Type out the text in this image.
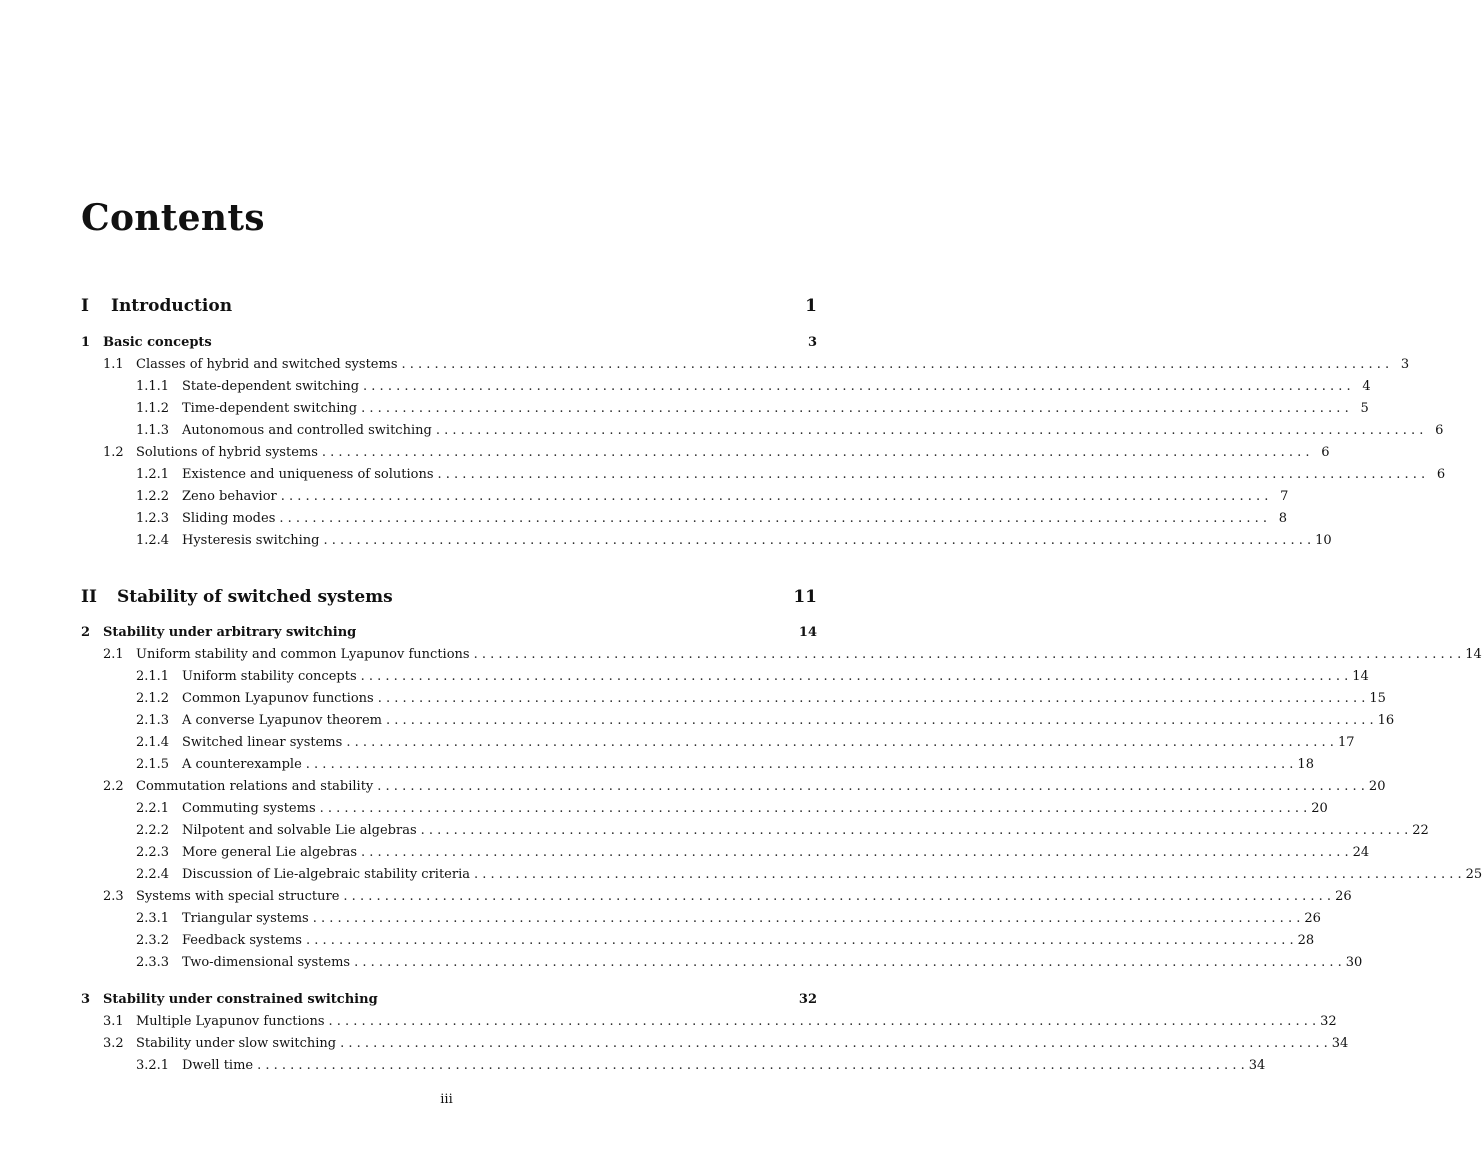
Contents
I	Introduction	1
1 Basic concepts	3
1.1 Classes of hybrid and switched systems . . . . . . . . . . . . . . . . . . . . . . . . . . . . . . . . . . . . . . . . . . . . . . . . . . . . . . . . . . . . . . . . . . . . . . . . . . . . . . . . . . . . . . . . . . . . . . . . . . . . . . . . . . . . . . . . . . . . . . . . 3
1.1.1 State-dependent switching . . . . . . . . . . . . . . . . . . . . . . . . . . . . . . . . . . . . . . . . . . . . . . . . . . . . . . . . . . . . . . . . . . . . . . . . . . . . . . . . . . . . . . . . . . . . . . . . . . . . . . . . . . . . . . . . . . . . . . . . 4
1.1.2 Time-dependent switching . . . . . . . . . . . . . . . . . . . . . . . . . . . . . . . . . . . . . . . . . . . . . . . . . . . . . . . . . . . . . . . . . . . . . . . . . . . . . . . . . . . . . . . . . . . . . . . . . . . . . . . . . . . . . . . . . . . . . . . . 5
1.1.3 Autonomous and controlled switching . . . . . . . . . . . . . . . . . . . . . . . . . . . . . . . . . . . . . . . . . . . . . . . . . . . . . . . . . . . . . . . . . . . . . . . . . . . . . . . . . . . . . . . . . . . . . . . . . . . . . . . . . . . . . . . . . . . . . . . . 6
1.2 Solutions of hybrid systems . . . . . . . . . . . . . . . . . . . . . . . . . . . . . . . . . . . . . . . . . . . . . . . . . . . . . . . . . . . . . . . . . . . . . . . . . . . . . . . . . . . . . . . . . . . . . . . . . . . . . . . . . . . . . . . . . . . . . . . . 6
1.2.1 Existence and uniqueness of solutions . . . . . . . . . . . . . . . . . . . . . . . . . . . . . . . . . . . . . . . . . . . . . . . . . . . . . . . . . . . . . . . . . . . . . . . . . . . . . . . . . . . . . . . . . . . . . . . . . . . . . . . . . . . . . . . . . . . . . . . . 6
1.2.2 Zeno behavior . . . . . . . . . . . . . . . . . . . . . . . . . . . . . . . . . . . . . . . . . . . . . . . . . . . . . . . . . . . . . . . . . . . . . . . . . . . . . . . . . . . . . . . . . . . . . . . . . . . . . . . . . . . . . . . . . . . . . . . . 7
1.2.3 Sliding modes . . . . . . . . . . . . . . . . . . . . . . . . . . . . . . . . . . . . . . . . . . . . . . . . . . . . . . . . . . . . . . . . . . . . . . . . . . . . . . . . . . . . . . . . . . . . . . . . . . . . . . . . . . . . . . . . . . . . . . . . 8
1.2.4 Hysteresis switching . . . . . . . . . . . . . . . . . . . . . . . . . . . . . . . . . . . . . . . . . . . . . . . . . . . . . . . . . . . . . . . . . . . . . . . . . . . . . . . . . . . . . . . . . . . . . . . . . . . . . . . . . . . . . . . . . . . . . . . . 10
II	Stability of switched systems	11
2 Stability under arbitrary switching	14
2.1 Uniform stability and common Lyapunov functions . . . . . . . . . . . . . . . . . . . . . . . . . . . . . . . . . . . . . . . . . . . . . . . . . . . . . . . . . . . . . . . . . . . . . . . . . . . . . . . . . . . . . . . . . . . . . . . . . . . . . . . . . . . . . . . . . . . . . . . . 14
2.1.1 Uniform stability concepts . . . . . . . . . . . . . . . . . . . . . . . . . . . . . . . . . . . . . . . . . . . . . . . . . . . . . . . . . . . . . . . . . . . . . . . . . . . . . . . . . . . . . . . . . . . . . . . . . . . . . . . . . . . . . . . . . . . . . . . . 14
2.1.2 Common Lyapunov functions . . . . . . . . . . . . . . . . . . . . . . . . . . . . . . . . . . . . . . . . . . . . . . . . . . . . . . . . . . . . . . . . . . . . . . . . . . . . . . . . . . . . . . . . . . . . . . . . . . . . . . . . . . . . . . . . . . . . . . . . 15
2.1.3 A converse Lyapunov theorem . . . . . . . . . . . . . . . . . . . . . . . . . . . . . . . . . . . . . . . . . . . . . . . . . . . . . . . . . . . . . . . . . . . . . . . . . . . . . . . . . . . . . . . . . . . . . . . . . . . . . . . . . . . . . . . . . . . . . . . . 16
2.1.4 Switched linear systems . . . . . . . . . . . . . . . . . . . . . . . . . . . . . . . . . . . . . . . . . . . . . . . . . . . . . . . . . . . . . . . . . . . . . . . . . . . . . . . . . . . . . . . . . . . . . . . . . . . . . . . . . . . . . . . . . . . . . . . . 17
2.1.5 A counterexample . . . . . . . . . . . . . . . . . . . . . . . . . . . . . . . . . . . . . . . . . . . . . . . . . . . . . . . . . . . . . . . . . . . . . . . . . . . . . . . . . . . . . . . . . . . . . . . . . . . . . . . . . . . . . . . . . . . . . . . . 18
2.2 Commutation relations and stability . . . . . . . . . . . . . . . . . . . . . . . . . . . . . . . . . . . . . . . . . . . . . . . . . . . . . . . . . . . . . . . . . . . . . . . . . . . . . . . . . . . . . . . . . . . . . . . . . . . . . . . . . . . . . . . . . . . . . . . . 20
2.2.1 Commuting systems . . . . . . . . . . . . . . . . . . . . . . . . . . . . . . . . . . . . . . . . . . . . . . . . . . . . . . . . . . . . . . . . . . . . . . . . . . . . . . . . . . . . . . . . . . . . . . . . . . . . . . . . . . . . . . . . . . . . . . . . 20
2.2.2 Nilpotent and solvable Lie algebras . . . . . . . . . . . . . . . . . . . . . . . . . . . . . . . . . . . . . . . . . . . . . . . . . . . . . . . . . . . . . . . . . . . . . . . . . . . . . . . . . . . . . . . . . . . . . . . . . . . . . . . . . . . . . . . . . . . . . . . . 22
2.2.3 More general Lie algebras . . . . . . . . . . . . . . . . . . . . . . . . . . . . . . . . . . . . . . . . . . . . . . . . . . . . . . . . . . . . . . . . . . . . . . . . . . . . . . . . . . . . . . . . . . . . . . . . . . . . . . . . . . . . . . . . . . . . . . . . 24
2.2.4 Discussion of Lie-algebraic stability criteria . . . . . . . . . . . . . . . . . . . . . . . . . . . . . . . . . . . . . . . . . . . . . . . . . . . . . . . . . . . . . . . . . . . . . . . . . . . . . . . . . . . . . . . . . . . . . . . . . . . . . . . . . . . . . . . . . . . . . . . . 25
2.3 Systems with special structure . . . . . . . . . . . . . . . . . . . . . . . . . . . . . . . . . . . . . . . . . . . . . . . . . . . . . . . . . . . . . . . . . . . . . . . . . . . . . . . . . . . . . . . . . . . . . . . . . . . . . . . . . . . . . . . . . . . . . . . . 26
2.3.1 Triangular systems . . . . . . . . . . . . . . . . . . . . . . . . . . . . . . . . . . . . . . . . . . . . . . . . . . . . . . . . . . . . . . . . . . . . . . . . . . . . . . . . . . . . . . . . . . . . . . . . . . . . . . . . . . . . . . . . . . . . . . . . 26
2.3.2 Feedback systems . . . . . . . . . . . . . . . . . . . . . . . . . . . . . . . . . . . . . . . . . . . . . . . . . . . . . . . . . . . . . . . . . . . . . . . . . . . . . . . . . . . . . . . . . . . . . . . . . . . . . . . . . . . . . . . . . . . . . . . . 28
2.3.3 Two-dimensional systems . . . . . . . . . . . . . . . . . . . . . . . . . . . . . . . . . . . . . . . . . . . . . . . . . . . . . . . . . . . . . . . . . . . . . . . . . . . . . . . . . . . . . . . . . . . . . . . . . . . . . . . . . . . . . . . . . . . . . . . . 30
3 Stability under constrained switching	32
3.1 Multiple Lyapunov functions . . . . . . . . . . . . . . . . . . . . . . . . . . . . . . . . . . . . . . . . . . . . . . . . . . . . . . . . . . . . . . . . . . . . . . . . . . . . . . . . . . . . . . . . . . . . . . . . . . . . . . . . . . . . . . . . . . . . . . . . 32
3.2 Stability under slow switching . . . . . . . . . . . . . . . . . . . . . . . . . . . . . . . . . . . . . . . . . . . . . . . . . . . . . . . . . . . . . . . . . . . . . . . . . . . . . . . . . . . . . . . . . . . . . . . . . . . . . . . . . . . . . . . . . . . . . . . . 34
3.2.1 Dwell time . . . . . . . . . . . . . . . . . . . . . . . . . . . . . . . . . . . . . . . . . . . . . . . . . . . . . . . . . . . . . . . . . . . . . . . . . . . . . . . . . . . . . . . . . . . . . . . . . . . . . . . . . . . . . . . . . . . . . . . . 34
iii
